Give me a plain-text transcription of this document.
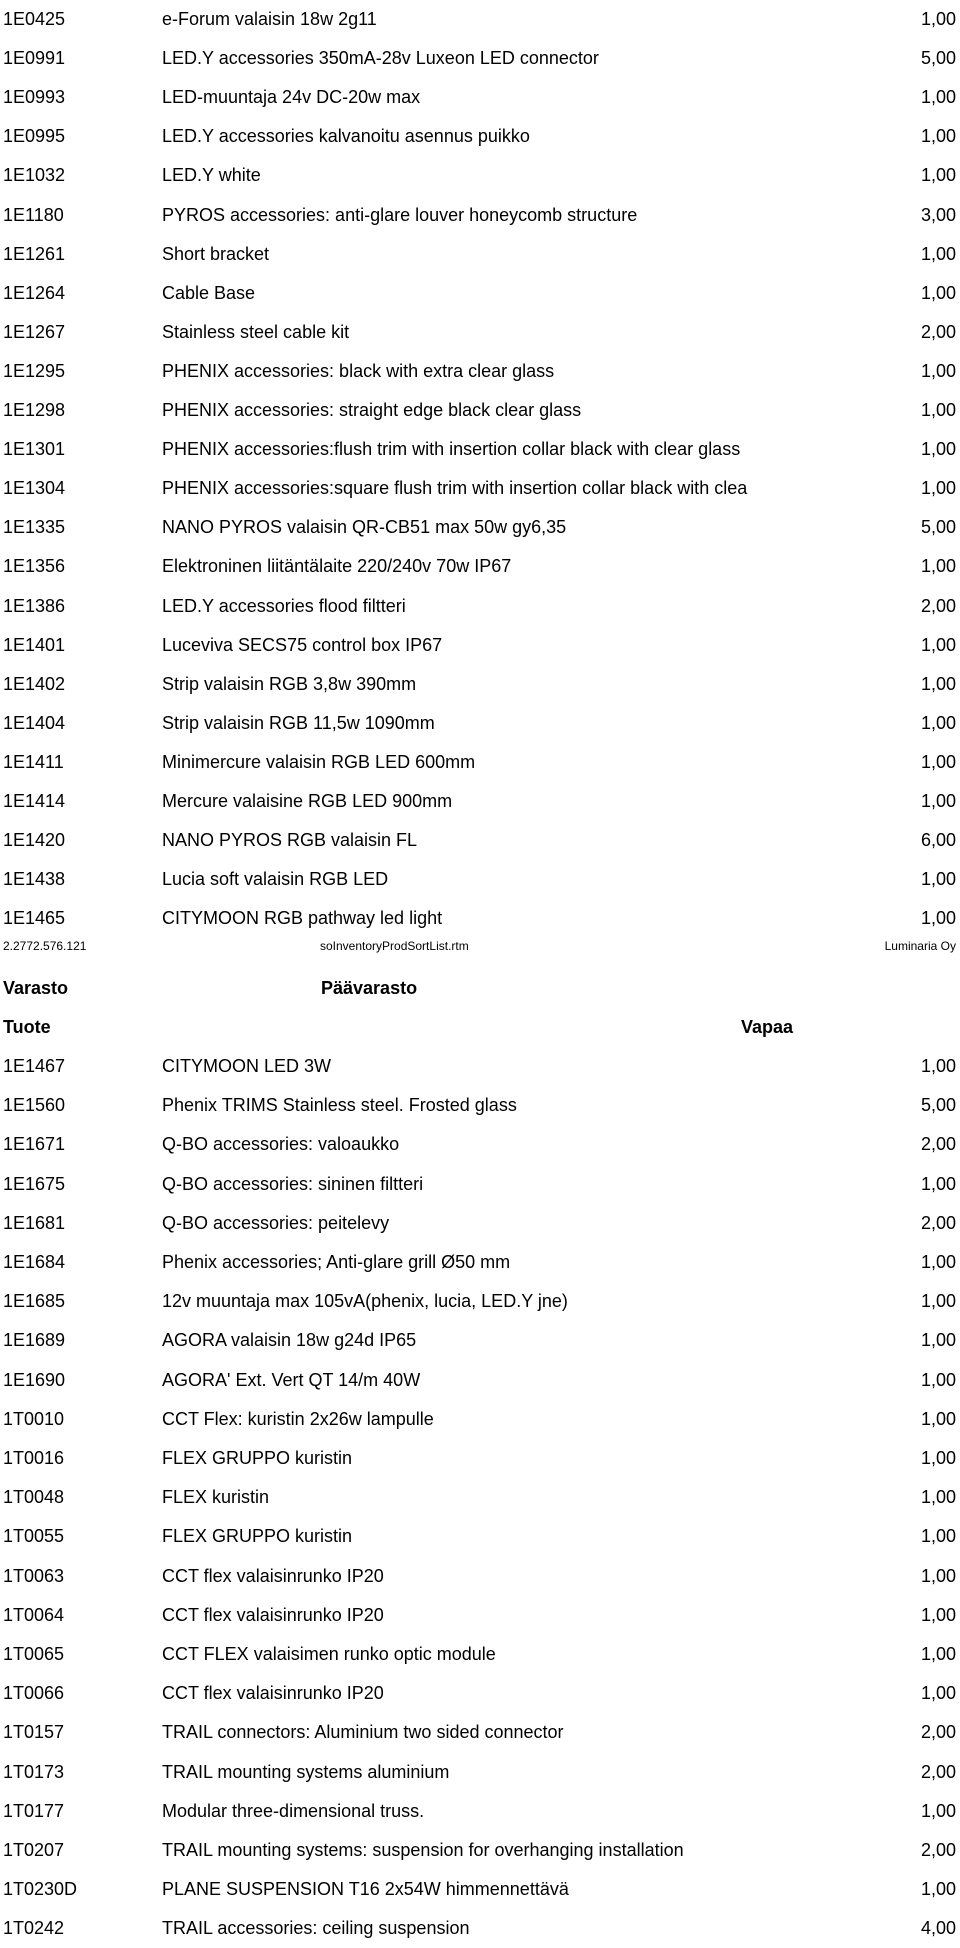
1E0425	e-Forum valaisin 18w 2g11	1,00
1E0991	LED.Y accessories 350mA-28v Luxeon LED connector	5,00
1E0993	LED-muuntaja 24v DC-20w max	1,00
1E0995	LED.Y accessories kalvanoitu asennus puikko	1,00
1E1032	LED.Y white	1,00
1E1180	PYROS accessories: anti-glare louver honeycomb structure	3,00
1E1261	Short bracket	1,00
1E1264	Cable Base	1,00
1E1267	Stainless steel cable kit	2,00
1E1295	PHENIX accessories: black with extra clear glass	1,00
1E1298	PHENIX accessories: straight edge black clear glass	1,00
1E1301	PHENIX accessories:flush trim with insertion collar black with clear glass	1,00
1E1304	PHENIX accessories:square flush trim with insertion collar black with clea	1,00
1E1335	NANO PYROS valaisin QR-CB51 max 50w gy6,35	5,00
1E1356	Elektroninen liitäntälaite 220/240v 70w IP67	1,00
1E1386	LED.Y accessories flood filtteri	2,00
1E1401	Luceviva SECS75 control box IP67	1,00
1E1402	Strip valaisin RGB 3,8w 390mm	1,00
1E1404	Strip valaisin RGB 11,5w 1090mm	1,00
1E1411	Minimercure valaisin RGB LED 600mm	1,00
1E1414	Mercure valaisine RGB LED 900mm	1,00
1E1420	NANO PYROS RGB valaisin FL	6,00
1E1438	Lucia soft valaisin RGB LED	1,00
1E1465	CITYMOON RGB pathway led light	1,00
2.2772.576.121	soInventoryProdSortList.rtm	Luminaria Oy
Varasto	Päävarasto
Tuote	Vapaa
1E1467	CITYMOON LED 3W	1,00
1E1560	Phenix TRIMS Stainless steel. Frosted glass	5,00
1E1671	Q-BO accessories: valoaukko	2,00
1E1675	Q-BO accessories: sininen filtteri	1,00
1E1681	Q-BO accessories: peitelevy	2,00
1E1684	Phenix accessories; Anti-glare grill Ø50 mm	1,00
1E1685	12v muuntaja max 105vA(phenix, lucia, LED.Y jne)	1,00
1E1689	AGORA valaisin 18w g24d IP65	1,00
1E1690	AGORA' Ext. Vert QT 14/m 40W	1,00
1T0010	CCT Flex: kuristin 2x26w lampulle	1,00
1T0016	FLEX GRUPPO kuristin	1,00
1T0048	FLEX kuristin	1,00
1T0055	FLEX GRUPPO kuristin	1,00
1T0063	CCT flex valaisinrunko IP20	1,00
1T0064	CCT flex valaisinrunko IP20	1,00
1T0065	CCT FLEX valaisimen runko optic module	1,00
1T0066	CCT flex valaisinrunko IP20	1,00
1T0157	TRAIL connectors: Aluminium two sided connector	2,00
1T0173	TRAIL mounting systems aluminium	2,00
1T0177	Modular three-dimensional truss.	1,00
1T0207	TRAIL mounting systems: suspension for overhanging installation	2,00
1T0230D	PLANE SUSPENSION T16 2x54W himmennettävä	1,00
1T0242	TRAIL accessories: ceiling suspension	4,00
